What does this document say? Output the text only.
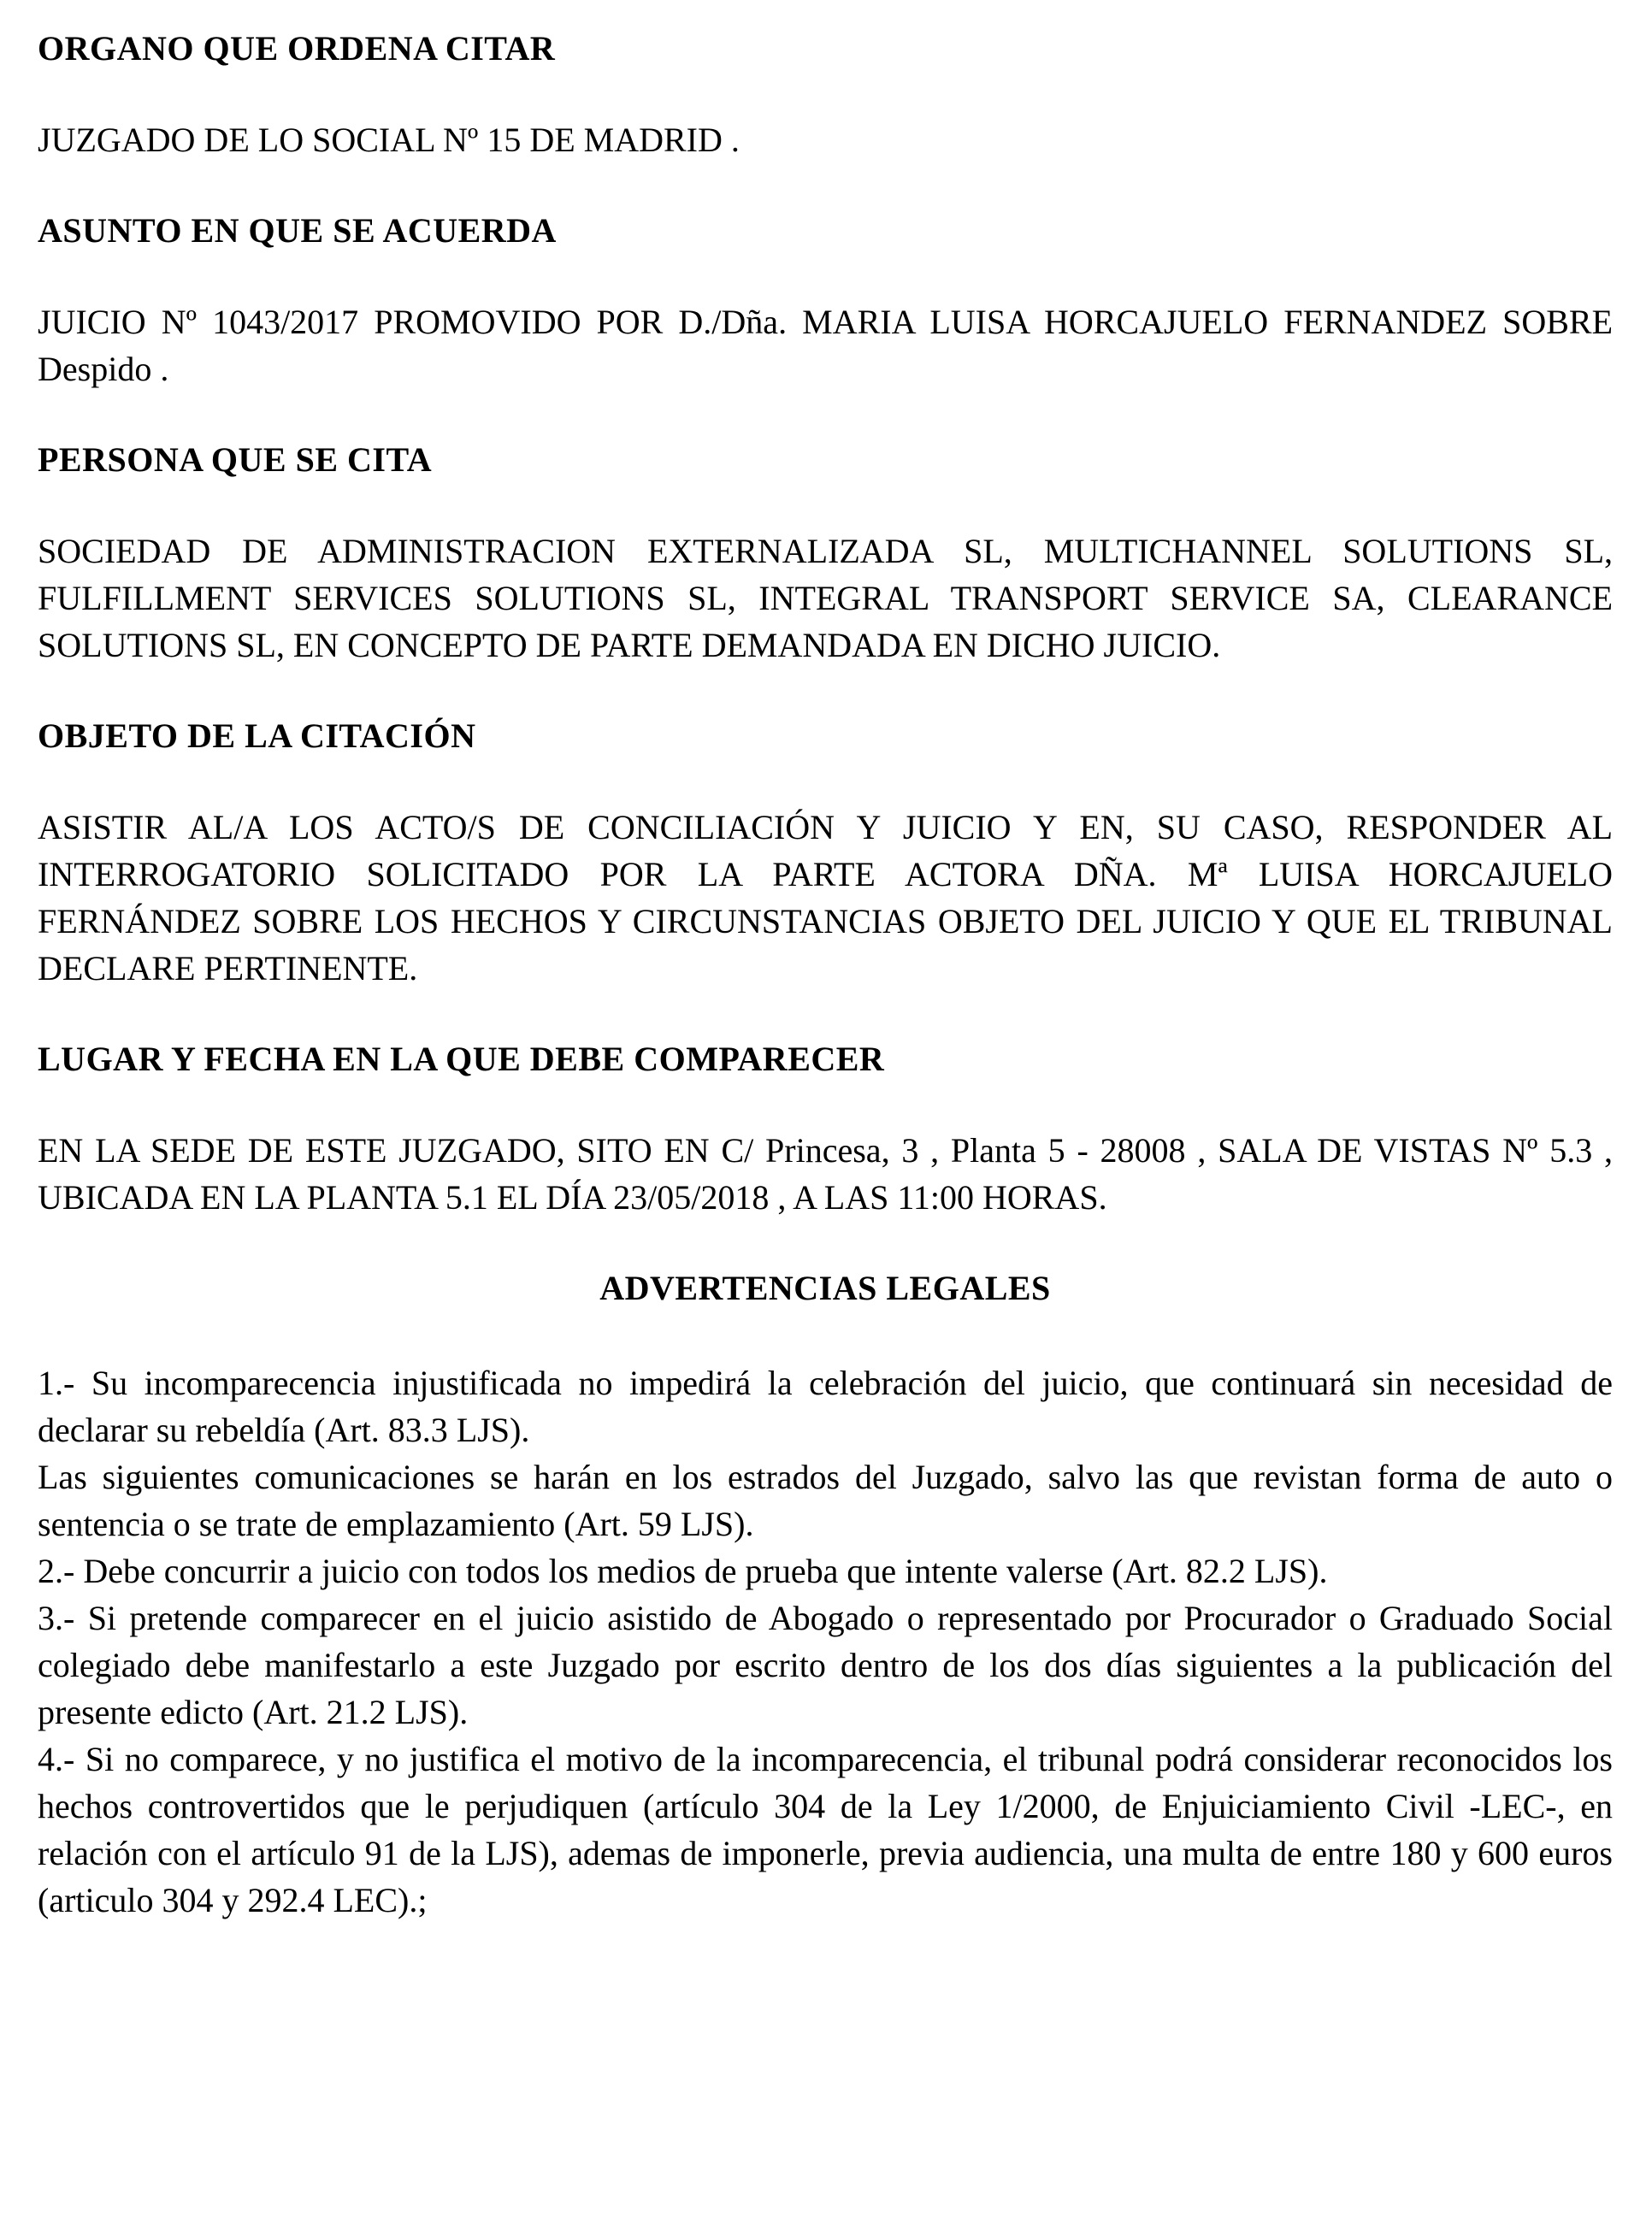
ORGANO QUE ORDENA CITAR

JUZGADO DE LO SOCIAL Nº 15 DE MADRID .

ASUNTO EN QUE SE ACUERDA

JUICIO Nº 1043/2017 PROMOVIDO POR D./Dña. MARIA LUISA HORCAJUELO FERNANDEZ SOBRE Despido .

PERSONA QUE SE CITA

SOCIEDAD DE ADMINISTRACION EXTERNALIZADA SL, MULTICHANNEL SOLUTIONS SL, FULFILLMENT SERVICES SOLUTIONS SL, INTEGRAL TRANSPORT SERVICE SA, CLEARANCE SOLUTIONS SL, EN CONCEPTO DE PARTE DEMANDADA EN DICHO JUICIO.

OBJETO DE LA CITACIÓN

ASISTIR AL/A LOS ACTO/S DE CONCILIACIÓN Y JUICIO Y EN, SU CASO, RESPONDER AL INTERROGATORIO SOLICITADO POR LA PARTE ACTORA DÑA. Mª LUISA HORCAJUELO FERNÁNDEZ SOBRE LOS HECHOS Y CIRCUNSTANCIAS OBJETO DEL JUICIO Y QUE EL TRIBUNAL DECLARE PERTINENTE.

LUGAR Y FECHA EN LA QUE DEBE COMPARECER

EN LA SEDE DE ESTE JUZGADO, SITO EN C/ Princesa, 3 , Planta 5 - 28008 , SALA DE VISTAS Nº 5.3 , UBICADA EN LA PLANTA 5.1 EL DÍA 23/05/2018 , A LAS 11:00 HORAS.

ADVERTENCIAS LEGALES

1.- Su incomparecencia injustificada no impedirá la celebración del juicio, que continuará sin necesidad de declarar su rebeldía (Art. 83.3 LJS).

Las siguientes comunicaciones se harán en los estrados del Juzgado, salvo las que revistan forma de auto o sentencia o se trate de emplazamiento (Art. 59 LJS).

2.- Debe concurrir a juicio con todos los medios de prueba que intente valerse (Art. 82.2 LJS).

3.- Si pretende comparecer en el juicio asistido de Abogado o representado por Procurador o Graduado Social colegiado debe manifestarlo a este Juzgado por escrito dentro de los dos días siguientes a la publicación del presente edicto (Art. 21.2 LJS).

4.- Si no comparece, y no justifica el motivo de la incomparecencia, el tribunal podrá considerar reconocidos los hechos controvertidos que le perjudiquen (artículo 304 de la Ley 1/2000, de Enjuiciamiento Civil -LEC-, en relación con el artículo 91 de la LJS), ademas de imponerle, previa audiencia, una multa de entre 180 y 600 euros (articulo 304 y 292.4 LEC).;
